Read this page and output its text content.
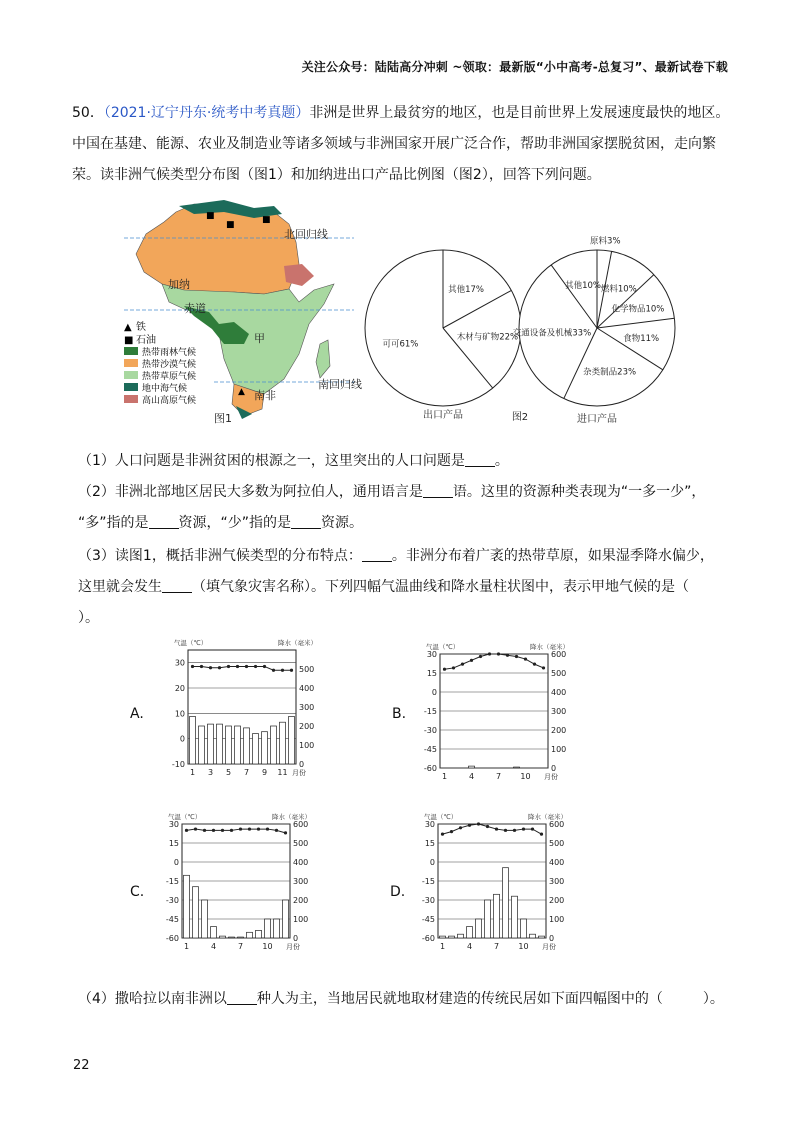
关注公众号：陆陆高分冲刺 ~领取：最新版“小中高考-总复习”、最新试卷下载
50．（2021·辽宁丹东·统考中考真题）非洲是世界上最贫穷的地区，也是目前世界上发展速度最快的地区。
中国在基建、能源、农业及制造业等诸多领域与非洲国家开展广泛合作，帮助非洲国家摆脱贫困，走向繁
荣。读非洲气候类型分布图（图1）和加纳进出口产品比例图（图2），回答下列问题。
■
■	■
▲
北回归线
加纳
赤道
甲
南非
南回归线
▲ 铁
■ 石油
热带雨林气候
热带沙漠气候
热带草原气候
地中海气候
高山高原气候
图1
其他17%
木材与矿物22%
可可61%
出口产品
原料3%
燃料10%
化学物品10%
食物11%
杂类制品23%
交通设备及机械33%
其他10%
进口产品
图2
（1）人口问题是非洲贫困的根源之一，这里突出的人口问题是 。
（2）非洲北部地区居民大多数为阿拉伯人，通用语言是 语。这里的资源种类表现为“一多一少”，
“多”指的是 资源，“少”指的是 资源。
（3）读图1，概括非洲气候类型的分布特点： 。非洲分布着广袤的热带草原，如果湿季降水偏少，
这里就会发生 （填气象灾害名称）。下列四幅气温曲线和降水量柱状图中，表示甲地气候的是（
）。
A.
气温（℃）	降水（毫米）
30
20
10
0
-10
500
400
300
200
100
0
1 3 5 7 9 11 月份
B.
气温（℃）	降水（毫米）
30
15
0
-15
-30
-45
-60
600
500
400
300
200
100
0
1	4	7 10 月份
C.
气温（℃）	降水（毫米）
30
15
0
-15
-30
-45
-60
600
500
400
300
200
100
0
1	4	7 10 月份
D.
气温（℃）	降水（毫米）
30
15
0
-15
-30
-45
-60
600
500
400
300
200
100
0
1	4	7 10 月份
（4）撒哈拉以南非洲以 种人为主，当地居民就地取材建造的传统民居如下面四幅图中的（	）。
22
